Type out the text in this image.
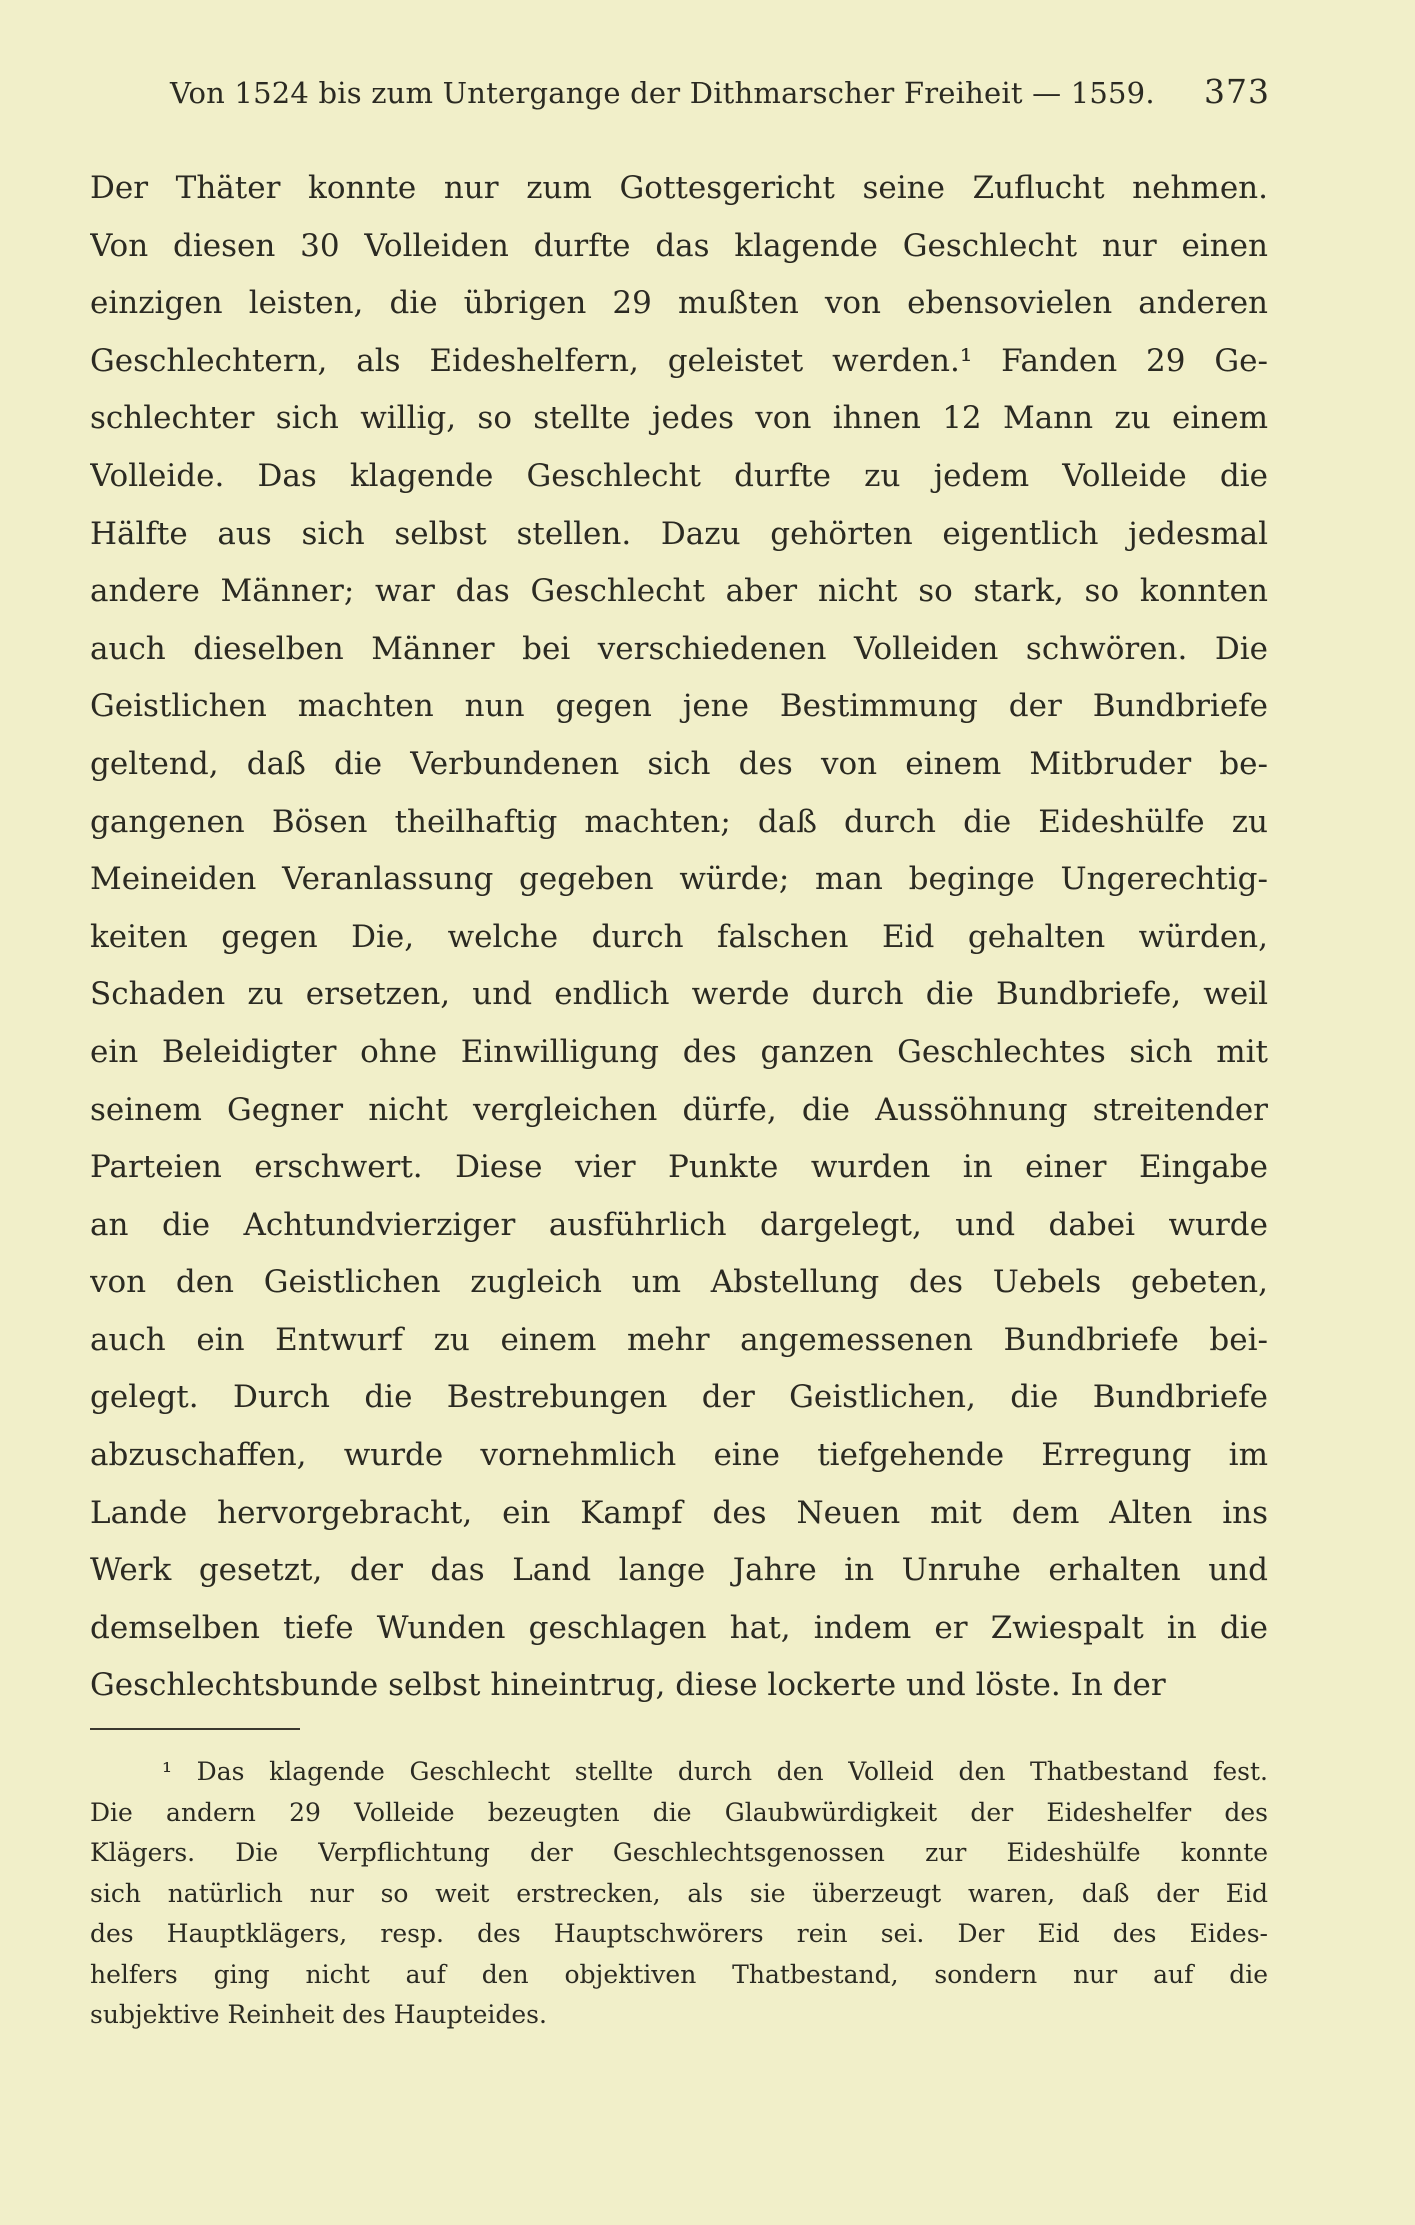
Von 1524 bis zum Untergange der Dithmarscher Freiheit — 1559. 373
Der Thäter konnte nur zum Gottesgericht seine Zuflucht nehmen.
Von diesen 30 Volleiden durfte das klagende Geschlecht nur einen
einzigen leisten, die übrigen 29 mußten von ebensovielen anderen
Geschlechtern, als Eideshelfern, geleistet werden.¹ Fanden 29 Ge-
schlechter sich willig, so stellte jedes von ihnen 12 Mann zu einem
Volleide. Das klagende Geschlecht durfte zu jedem Volleide die
Hälfte aus sich selbst stellen. Dazu gehörten eigentlich jedesmal
andere Männer; war das Geschlecht aber nicht so stark, so konnten
auch dieselben Männer bei verschiedenen Volleiden schwören. Die
Geistlichen machten nun gegen jene Bestimmung der Bundbriefe
geltend, daß die Verbundenen sich des von einem Mitbruder be-
gangenen Bösen theilhaftig machten; daß durch die Eideshülfe zu
Meineiden Veranlassung gegeben würde; man beginge Ungerechtig-
keiten gegen Die, welche durch falschen Eid gehalten würden,
Schaden zu ersetzen, und endlich werde durch die Bundbriefe, weil
ein Beleidigter ohne Einwilligung des ganzen Geschlechtes sich mit
seinem Gegner nicht vergleichen dürfe, die Aussöhnung streitender
Parteien erschwert. Diese vier Punkte wurden in einer Eingabe
an die Achtundvierziger ausführlich dargelegt, und dabei wurde
von den Geistlichen zugleich um Abstellung des Uebels gebeten,
auch ein Entwurf zu einem mehr angemessenen Bundbriefe bei-
gelegt. Durch die Bestrebungen der Geistlichen, die Bundbriefe
abzuschaffen, wurde vornehmlich eine tiefgehende Erregung im
Lande hervorgebracht, ein Kampf des Neuen mit dem Alten ins
Werk gesetzt, der das Land lange Jahre in Unruhe erhalten und
demselben tiefe Wunden geschlagen hat, indem er Zwiespalt in die
Geschlechtsbunde selbst hineintrug, diese lockerte und löste. In der
¹ Das klagende Geschlecht stellte durch den Volleid den Thatbestand fest.
Die andern 29 Volleide bezeugten die Glaubwürdigkeit der Eideshelfer des
Klägers. Die Verpflichtung der Geschlechtsgenossen zur Eideshülfe konnte
sich natürlich nur so weit erstrecken, als sie überzeugt waren, daß der Eid
des Hauptklägers, resp. des Hauptschwörers rein sei. Der Eid des Eides-
helfers ging nicht auf den objektiven Thatbestand, sondern nur auf die
subjektive Reinheit des Haupteides.
